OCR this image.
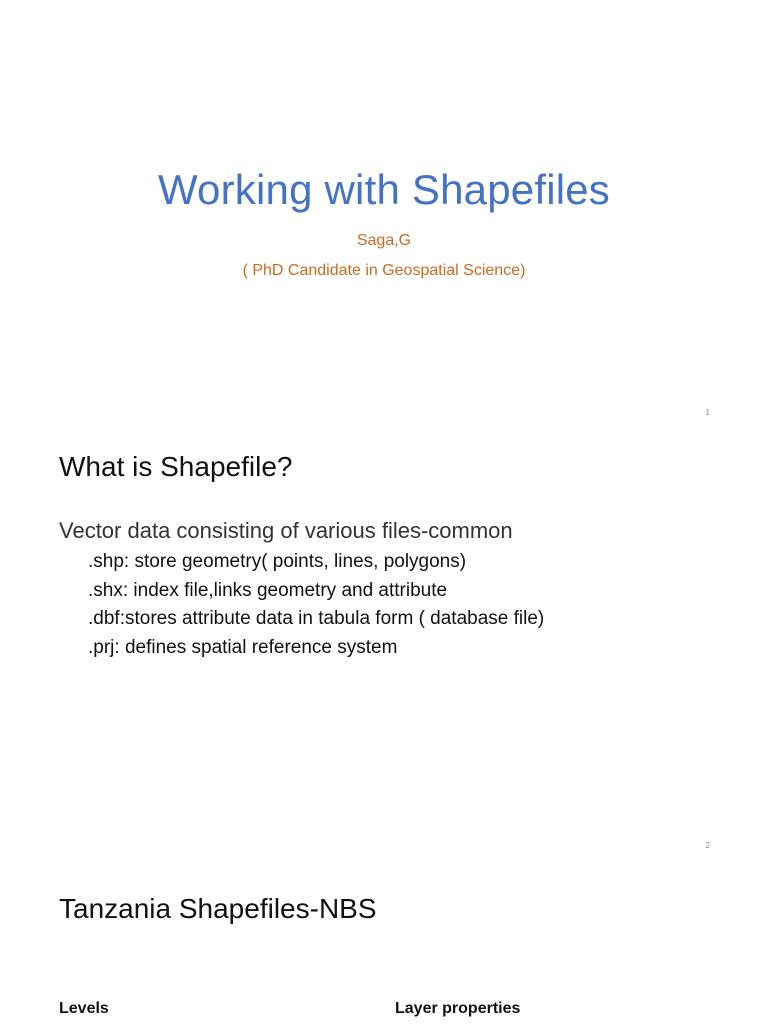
Working with Shapefiles
Saga,G
( PhD Candidate in Geospatial Science)
1
What is Shapefile?
Vector data consisting of various files-common
.shp: store geometry( points, lines, polygons)
.shx: index file,links geometry and attribute
.dbf:stores attribute data in tabula form ( database file)
.prj: defines spatial reference system
2
Tanzania Shapefiles-NBS
Levels	Layer properties
